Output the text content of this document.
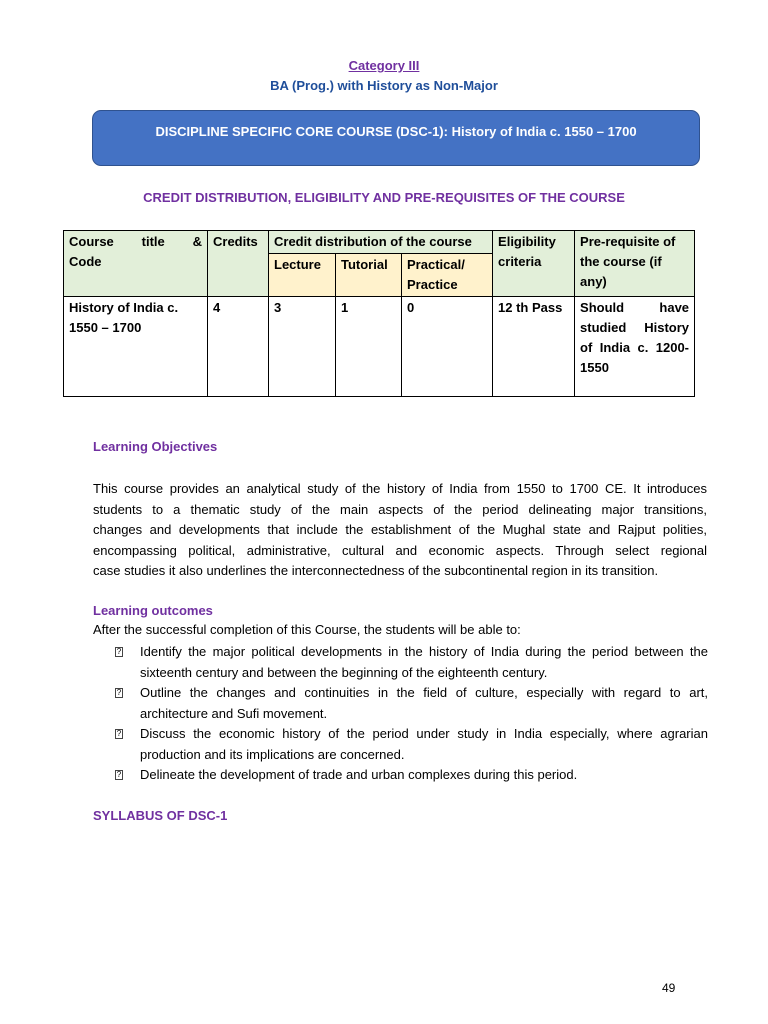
Category III
BA (Prog.) with History as Non-Major
DISCIPLINE SPECIFIC CORE COURSE (DSC-1): History of India c. 1550 – 1700
CREDIT DISTRIBUTION, ELIGIBILITY AND PRE-REQUISITES OF THE COURSE
Course title &
Code	Credits	Credit distribution of the course			Eligibility criteria	Pre-requisite of the course (if any)
		Lecture	Tutorial	Practical/ Practice		
History of India c. 1550 – 1700	4	3	1	0	12 th Pass	Should have studied History of India c. 1200-1550
Learning Objectives
This course provides an analytical study of the history of India from 1550 to 1700 CE. It introduces
students to a thematic study of the main aspects of the period delineating major transitions,
changes and developments that include the establishment of the Mughal state and Rajput polities,
encompassing political, administrative, cultural and economic aspects. Through select regional
case studies it also underlines the interconnectedness of the subcontinental region in its transition.
Learning outcomes
After the successful completion of this Course, the students will be able to:
? Identify the major political developments in the history of India during the period between the sixteenth century and between the beginning of the eighteenth century.
? Outline the changes and continuities in the field of culture, especially with regard to art, architecture and Sufi movement.
? Discuss the economic history of the period under study in India especially, where agrarian production and its implications are concerned.
? Delineate the development of trade and urban complexes during this period.
SYLLABUS OF DSC-1
49
